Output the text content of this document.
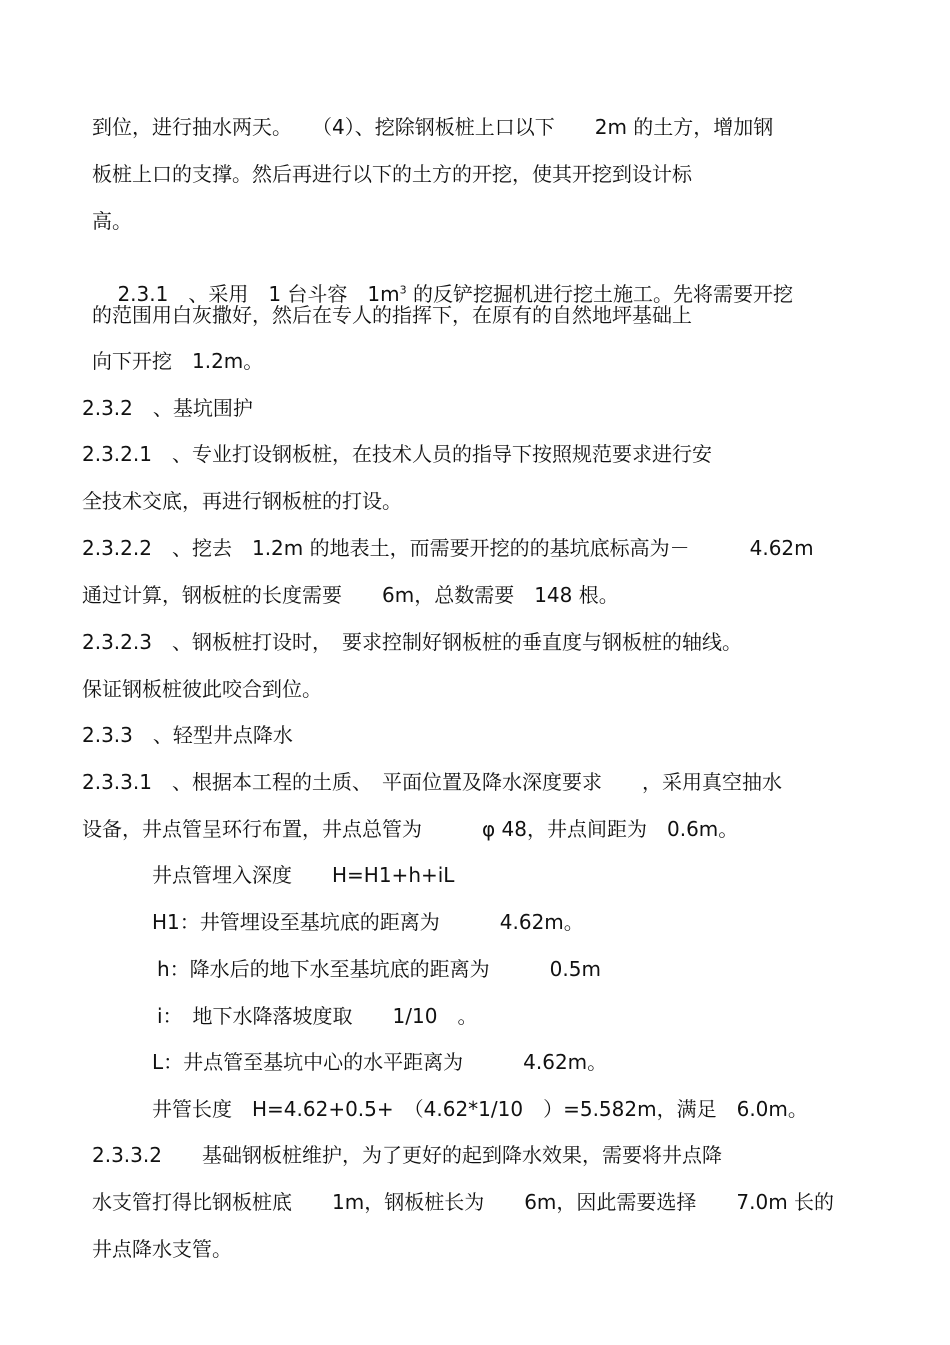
到位，进行抽水两天。　　（4）、挖除钢板桩上口以下　　2m 的土方，增加钢
板桩上口的支撑。然后再进行以下的土方的开挖，使其开挖到设计标
高。

2.3.1　、采用　1 台斗容　$1m^3$ 的反铲挖掘机进行挖土施工。先将需要开挖

的范围用白灰撒好，然后在专人的指挥下，在原有的自然地坪基础上
向下开挖　1.2m。
2.3.2　、基坑围护
2.3.2.1　、专业打设钢板桩，在技术人员的指导下按照规范要求进行安
全技术交底，再进行钢板桩的打设。
2.3.2.2　、挖去　1.2m 的地表土，而需要开挖的的基坑底标高为－　　　4.62m
通过计算，钢板桩的长度需要　　6m，总数需要　148 根。
2.3.2.3　、钢板桩打设时，　要求控制好钢板桩的垂直度与钢板桩的轴线。
保证钢板桩彼此咬合到位。
2.3.3　、轻型井点降水
2.3.3.1　、根据本工程的土质、　平面位置及降水深度要求　　，采用真空抽水
设备，井点管呈环行布置，井点总管为　　　φ 48，井点间距为　0.6m。
井点管埋入深度　　H=H1+h+iL
H1：井管埋设至基坑底的距离为　　　4.62m。
h：降水后的地下水至基坑底的距离为　　　0.5m
i：　地下水降落坡度取　　1/10　。
L：井点管至基坑中心的水平距离为　　　4.62m。
井管长度　H=4.62+0.5+　（4.62*1/10　）=5.582m，满足　6.0m。
2.3.3.2　　基础钢板桩维护，为了更好的起到降水效果，需要将井点降
水支管打得比钢板桩底　　1m，钢板桩长为　　6m，因此需要选择　　7.0m 长的
井点降水支管。
